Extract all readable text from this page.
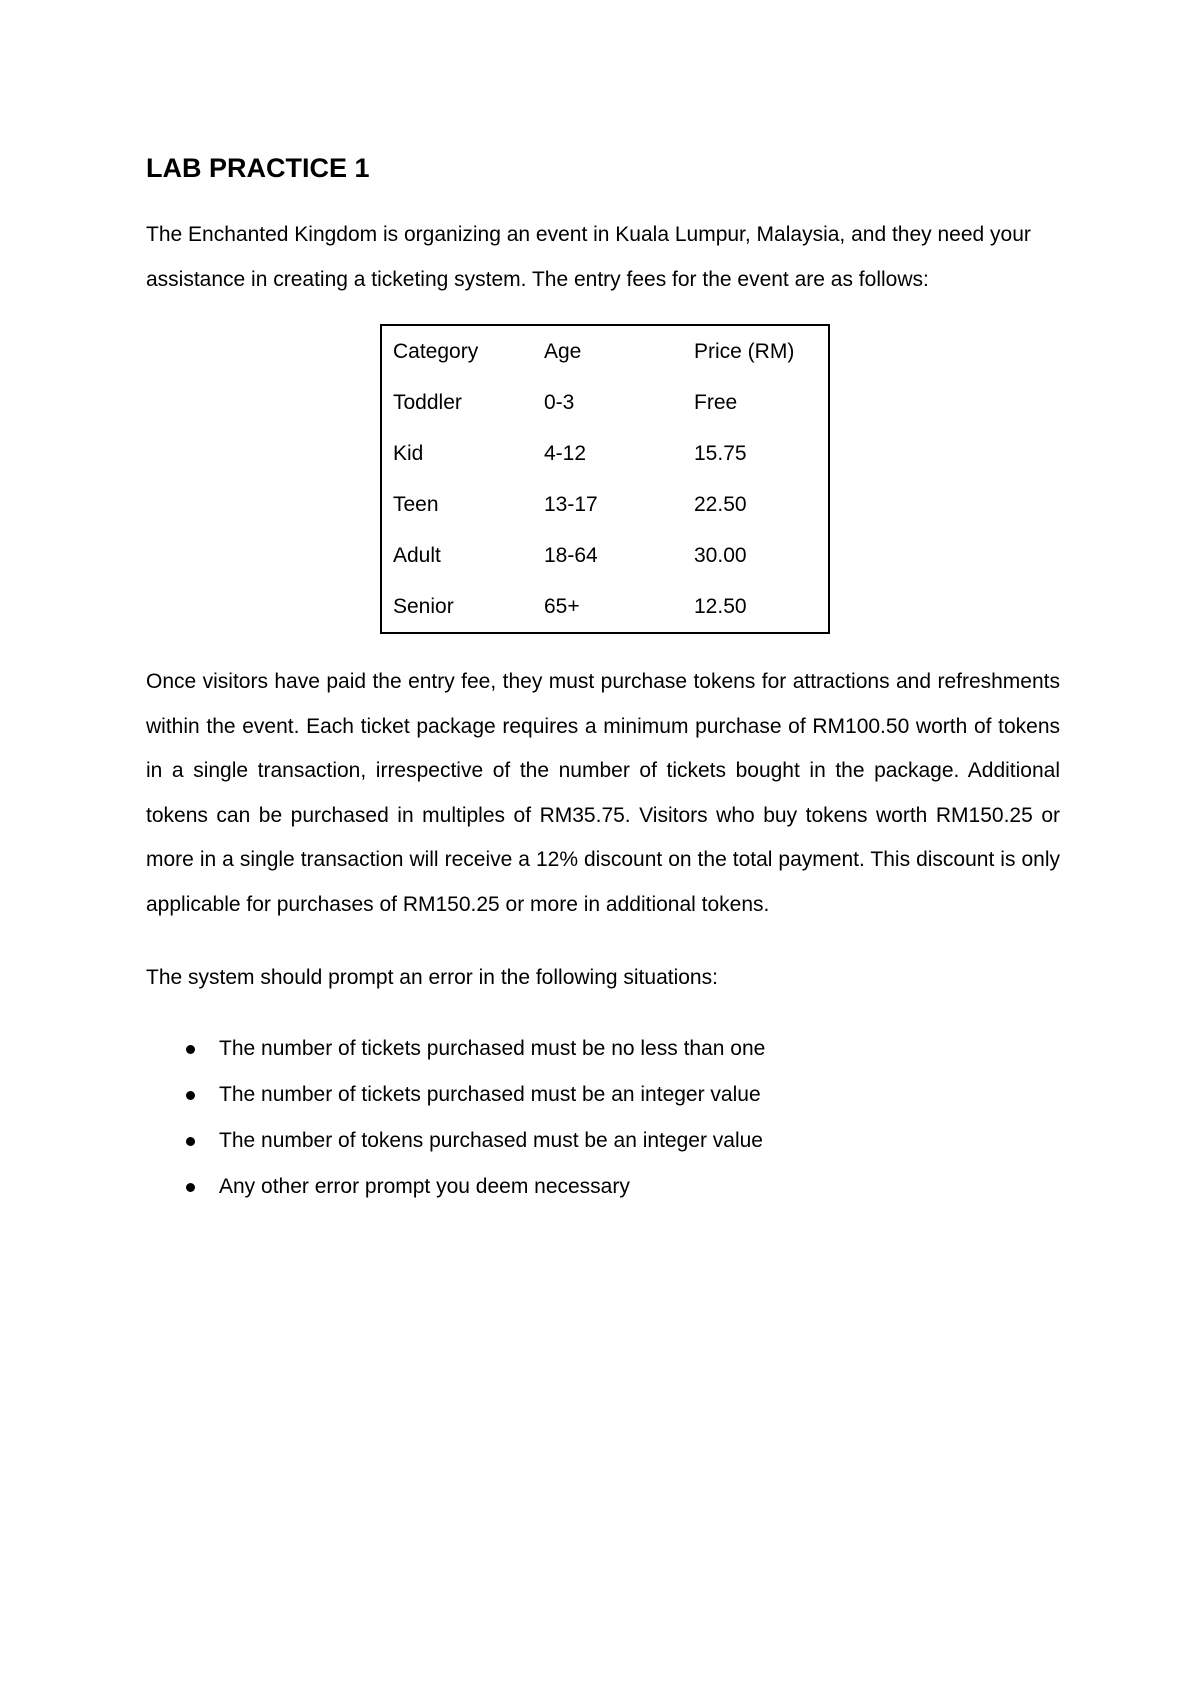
LAB PRACTICE 1

The Enchanted Kingdom is organizing an event in Kuala Lumpur, Malaysia, and they need your assistance in creating a ticketing system. The entry fees for the event are as follows:

Category	Age	Price (RM)
Toddler	0-3	Free
Kid	4-12	15.75
Teen	13-17	22.50
Adult	18-64	30.00
Senior	65+	12.50

Once visitors have paid the entry fee, they must purchase tokens for attractions and refreshments within the event. Each ticket package requires a minimum purchase of RM100.50 worth of tokens in a single transaction, irrespective of the number of tickets bought in the package. Additional tokens can be purchased in multiples of RM35.75. Visitors who buy tokens worth RM150.25 or more in a single transaction will receive a 12% discount on the total payment. This discount is only applicable for purchases of RM150.25 or more in additional tokens.

The system should prompt an error in the following situations:

The number of tickets purchased must be no less than one
The number of tickets purchased must be an integer value
The number of tokens purchased must be an integer value
Any other error prompt you deem necessary
